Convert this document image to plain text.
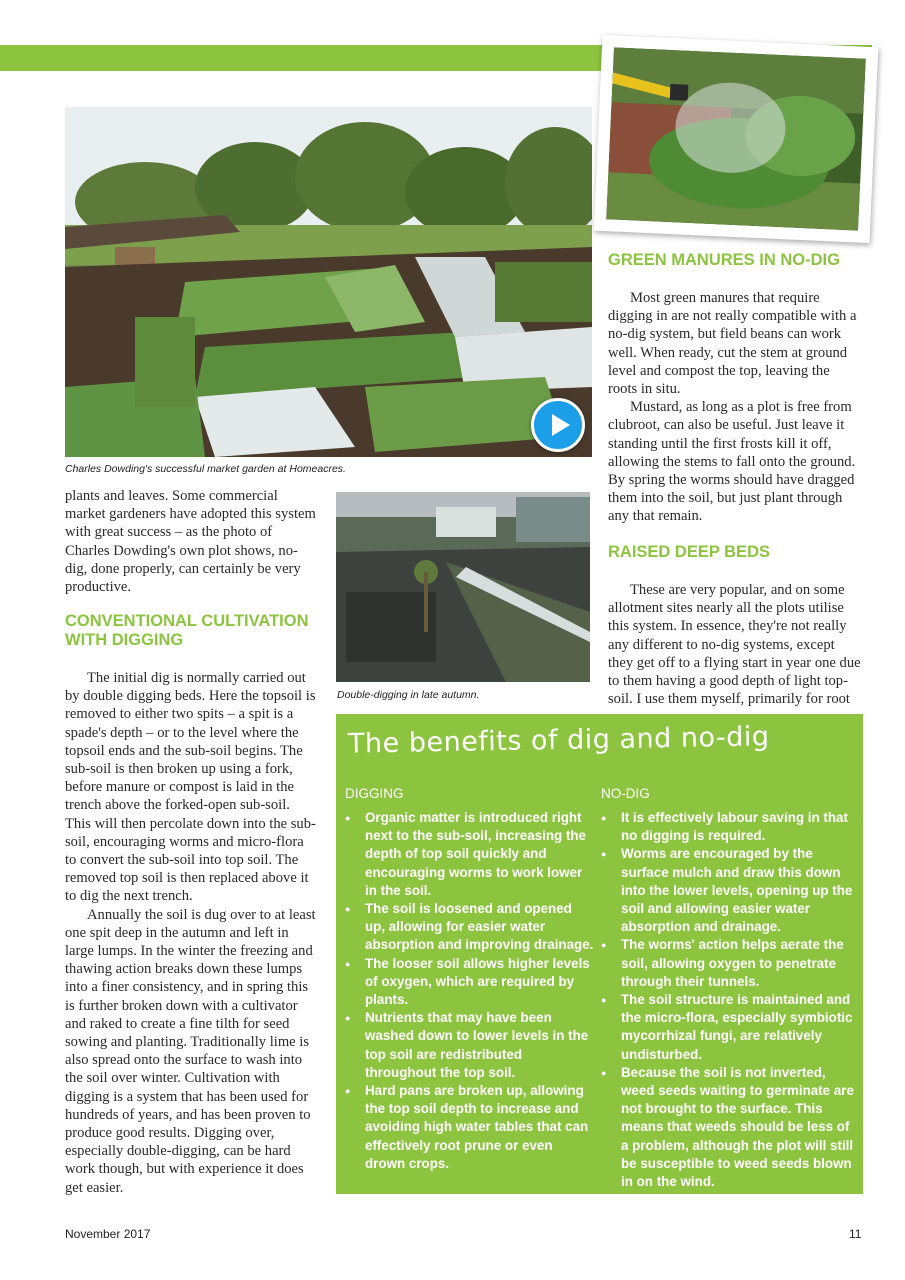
Charles Dowding's successful market garden at Homeacres.

plants and leaves. Some commercial market gardeners have adopted this system with great success – as the photo of Charles Dowding's own plot shows, no-dig, done properly, can certainly be very productive.

CONVENTIONAL CULTIVATION WITH DIGGING

The initial dig is normally carried out by double digging beds. Here the topsoil is removed to either two spits – a spit is a spade's depth – or to the level where the topsoil ends and the sub-soil begins. The sub-soil is then broken up using a fork, before manure or compost is laid in the trench above the forked-open sub-soil. This will then percolate down into the sub-soil, encouraging worms and micro-flora to convert the sub-soil into top soil. The removed top soil is then replaced above it to dig the next trench.

Annually the soil is dug over to at least one spit deep in the autumn and left in large lumps. In the winter the freezing and thawing action breaks down these lumps into a finer consistency, and in spring this is further broken down with a cultivator and raked to create a fine tilth for seed sowing and planting. Traditionally lime is also spread onto the surface to wash into the soil over winter. Cultivation with digging is a system that has been used for hundreds of years, and has been proven to produce good results. Digging over, especially double-digging, can be hard work though, but with experience it does get easier.

Double-digging in late autumn.
GREEN MANURES IN NO-DIG

Most green manures that require digging in are not really compatible with a no-dig system, but field beans can work well. When ready, cut the stem at ground level and compost the top, leaving the roots in situ.

Mustard, as long as a plot is free from clubroot, can also be useful. Just leave it standing until the first frosts kill it off, allowing the stems to fall onto the ground. By spring the worms should have dragged them into the soil, but just plant through any that remain.

RAISED DEEP BEDS

These are very popular, and on some allotment sites nearly all the plots utilise this system. In essence, they're not really any different to no-dig systems, except they get off to a flying start in year one due to them having a good depth of light top-soil. I use them myself, primarily for root

The benefits of dig and no-dig
DIGGING
● Organic matter is introduced right next to the sub-soil, increasing the depth of top soil quickly and encouraging worms to work lower in the soil.
● The soil is loosened and opened up, allowing for easier water absorption and improving drainage.
● The looser soil allows higher levels of oxygen, which are required by plants.
● Nutrients that may have been washed down to lower levels in the top soil are redistributed throughout the top soil.
● Hard pans are broken up, allowing the top soil depth to increase and avoiding high water tables that can effectively root prune or even drown crops.
NO-DIG
● It is effectively labour saving in that no digging is required.
● Worms are encouraged by the surface mulch and draw this down into the lower levels, opening up the soil and allowing easier water absorption and drainage.
● The worms' action helps aerate the soil, allowing oxygen to penetrate through their tunnels.
● The soil structure is maintained and the micro-flora, especially symbiotic mycorrhizal fungi, are relatively undisturbed.
● Because the soil is not inverted, weed seeds waiting to germinate are not brought to the surface. This means that weeds should be less of a problem, although the plot will still be susceptible to weed seeds blown in on the wind.
November 2017	11
